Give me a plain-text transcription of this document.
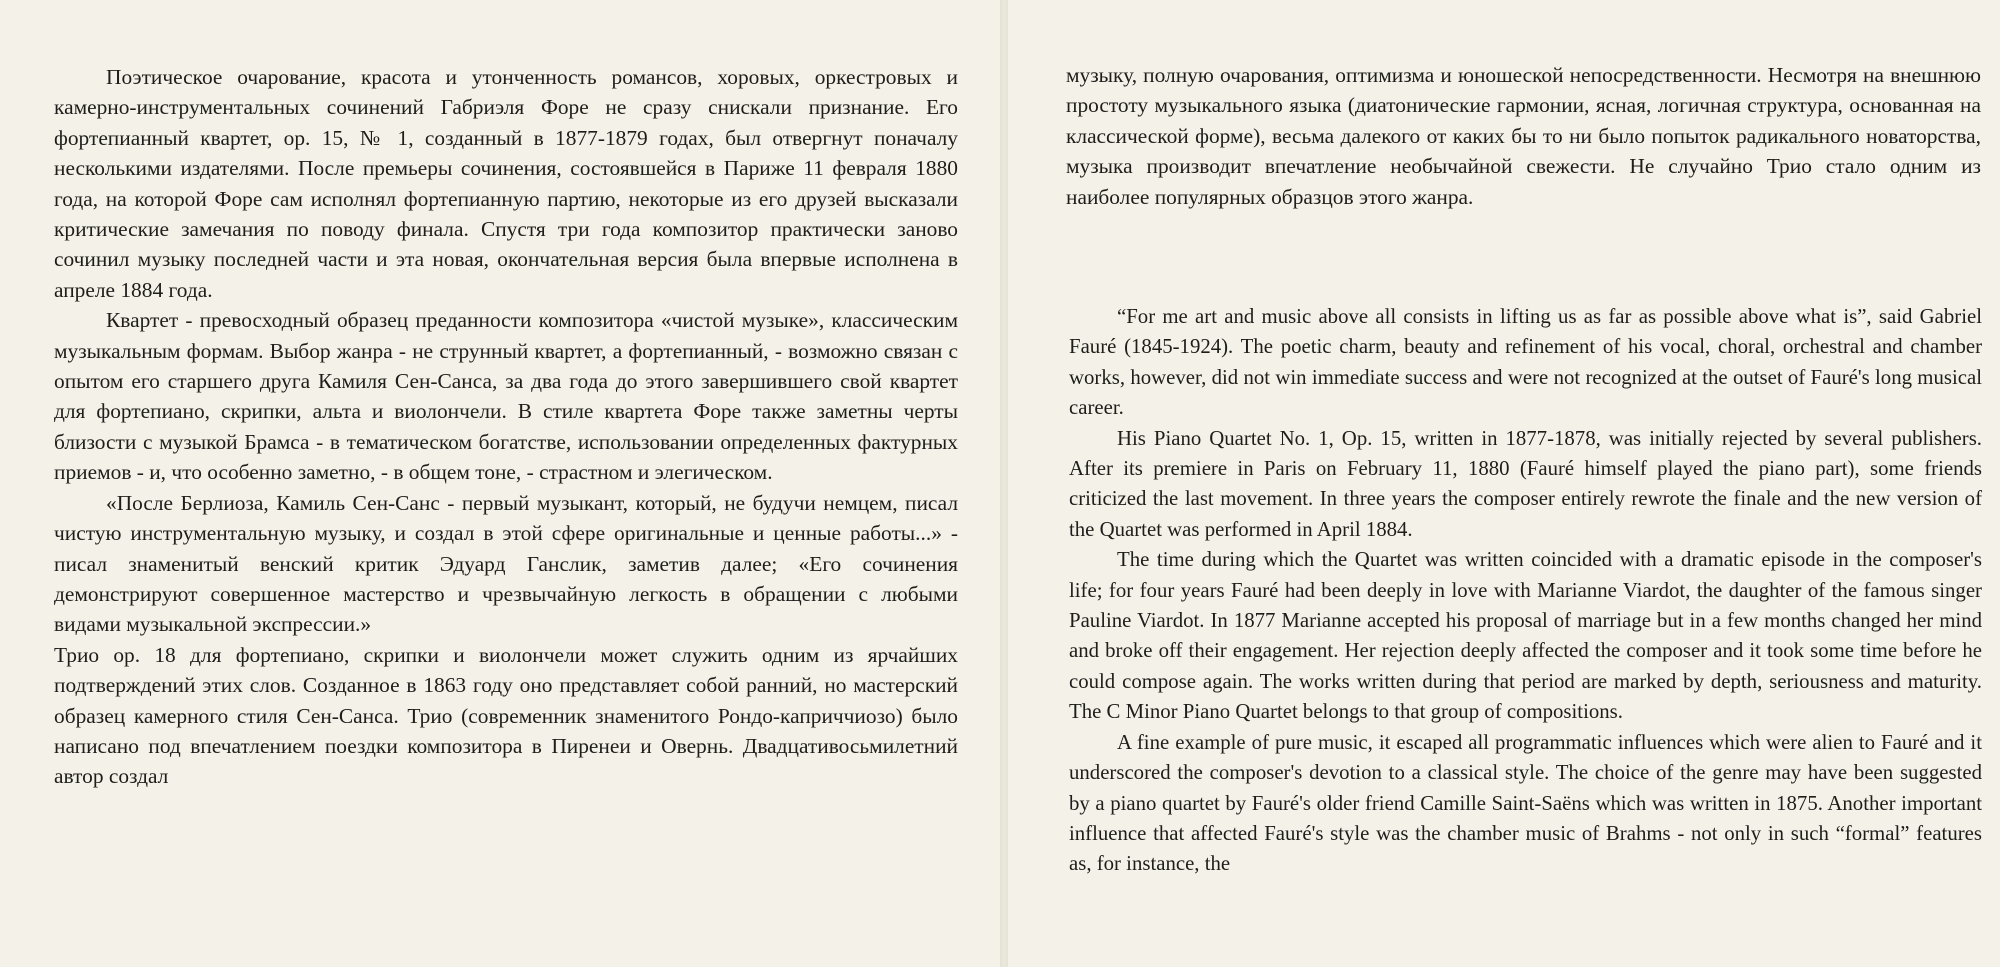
Поэтическое очарование, красота и утонченность романсов, хоровых, оркестровых и камерно-инструментальных сочинений Габриэля Форе не сразу снискали признание. Его фортепианный квартет, ор. 15, № 1, созданный в 1877-1879 годах, был отвергнут поначалу несколькими издателями. После премьеры сочинения, состоявшейся в Париже 11 февраля 1880 года, на которой Форе сам исполнял фортепианную партию, некоторые из его друзей высказали критические замечания по поводу финала. Спустя три года композитор практически заново сочинил музыку последней части и эта новая, окончательная версия была впервые исполнена в апреле 1884 года.

Квартет - превосходный образец преданности композитора «чистой музыке», классическим музыкальным формам. Выбор жанра - не струнный квартет, а фортепианный, - возможно связан с опытом его старшего друга Камиля Сен-Санса, за два года до этого завершившего свой квартет для фортепиано, скрипки, альта и виолончели. В стиле квартета Форе также заметны черты близости с музыкой Брамса - в тематическом богатстве, использовании определенных фактурных приемов - и, что особенно заметно, - в общем тоне, - страстном и элегическом.

«После Берлиоза, Камиль Сен-Санс - первый музыкант, который, не будучи немцем, писал чистую инструментальную музыку, и создал в этой сфере оригинальные и ценные работы...» - писал знаменитый венский критик Эдуард Ганслик, заметив далее; «Его сочинения демонстрируют совершенное мастерство и чрезвычайную легкость в обращении с любыми видами музыкальной экспрессии.»

Трио ор. 18 для фортепиано, скрипки и виолончели может служить одним из ярчайших подтверждений этих слов. Созданное в 1863 году оно представляет собой ранний, но мастерский образец камерного стиля Сен-Санса. Трио (современник знаменитого Рондо-каприччиозо) было написано под впечатлением поездки композитора в Пиренеи и Овернь. Двадцативосьмилетний автор создал

музыку, полную очарования, оптимизма и юношеской непосредственности. Несмотря на внешнюю простоту музыкального языка (диатонические гармонии, ясная, логичная структура, основанная на классической форме), весьма далекого от каких бы то ни было попыток радикального новаторства, музыка производит впечатление необычайной свежести. Не случайно Трио стало одним из наиболее популярных образцов этого жанра.

“For me art and music above all consists in lifting us as far as possible above what is”, said Gabriel Fauré (1845-1924). The poetic charm, beauty and refinement of his vocal, choral, orchestral and chamber works, however, did not win immediate success and were not recognized at the outset of Fauré's long musical career.

His Piano Quartet No. 1, Op. 15, written in 1877-1878, was initially rejected by several publishers. After its premiere in Paris on February 11, 1880 (Fauré himself played the piano part), some friends criticized the last movement. In three years the composer entirely rewrote the finale and the new version of the Quartet was performed in April 1884.

The time during which the Quartet was written coincided with a dramatic episode in the composer's life; for four years Fauré had been deeply in love with Marianne Viardot, the daughter of the famous singer Pauline Viardot. In 1877 Marianne accepted his proposal of marriage but in a few months changed her mind and broke off their engagement. Her rejection deeply affected the composer and it took some time before he could compose again. The works written during that period are marked by depth, seriousness and maturity. The C Minor Piano Quartet belongs to that group of compositions.

A fine example of pure music, it escaped all programmatic influences which were alien to Fauré and it underscored the composer's devotion to a classical style. The choice of the genre may have been suggested by a piano quartet by Fauré's older friend Camille Saint-Saëns which was written in 1875. Another important influence that affected Fauré's style was the chamber music of Brahms - not only in such “formal” features as, for instance, the
